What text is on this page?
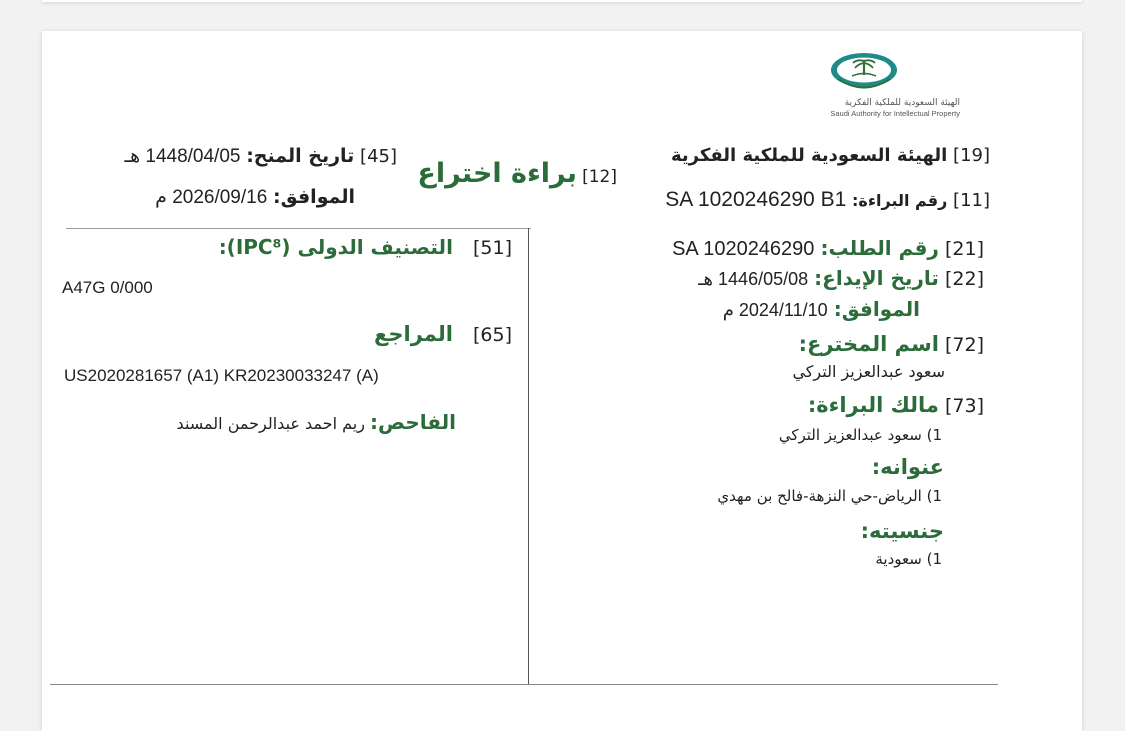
الهيئة السعودية للملكية الفكرية
Saudi Authority for Intellectual Property
[19] الهيئة السعودية للملكية الفكرية
[11] رقم البراءة: SA 1020246290 B1
[12] براءة اختراع
[45] تاريخ المنح: 1448/04/05 هـ
الموافق: 2026/09/16 م
[21] رقم الطلب: SA 1020246290
[22] تاريخ الإيداع: 1446/05/08 هـ
الموافق: 2024/11/10 م
[72] اسم المخترع:
سعود عبدالعزيز التركي
[73] مالك البراءة:
1) سعود عبدالعزيز التركي
عنوانه:
1) الرياض-حي النزهة-فالح بن مهدي
جنسيته:
1) سعودية
[51] التصنيف الدولى (IPC⁸):
A47G 0/000
[65] المراجع
US2020281657 (A1) KR20230033247 (A)
الفاحص: ريم احمد عبدالرحمن المسند
